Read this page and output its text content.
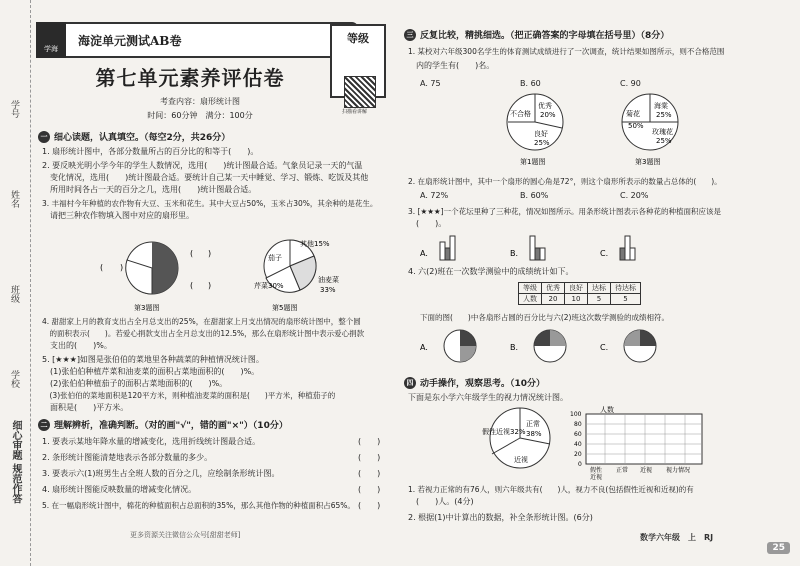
学号
姓名
班级
学校
细心审题 规范作答
学海
海淀单元测试AB卷	等级
第七单元素养评估卷
扫描看讲解
考查内容：扇形统计图
时间：60分钟　满分：100分
一 细心读题，认真填空。（每空2分，共26分）
1. 扇形统计图中，各部分数量所占的百分比的和等于(　　)。
2. 要反映光明小学今年的学生人数情况，选用(　　)统计图最合适。气象员记录一天的气温
　变化情况，选用(　　)统计图最合适。要统计自己某一天中睡觉、学习、锻炼、吃饭及其他
　所用时间各占一天的百分之几，选用(　　)统计图最合适。
3. 丰福村今年种植的农作物有大豆、玉米和花生。其中大豆占50%，玉米占30%，其余种的是花生。
　请把三种农作物填入图中对应的扇形里。
( )
( )
( )
第3题图
茄子
其他15%
芹菜30%
油麦菜
33%
第5题图
4. 甜甜家上月的教育支出占全月总支出的25%，在甜甜家上月支出情况的扇形统计图中，整个圆
　的面积表示(　　)。若爱心捐款支出占全月总支出的12.5%，那么在扇形统计图中表示爱心捐款
　支出的(　　)%。
5. [★★★]如图是张伯伯的菜地里各种蔬菜的种植情况统计图。
　(1)张伯伯种植芹菜和油麦菜的面积占菜地面积的(　　)%。
　(2)张伯伯种植茄子的面积占菜地面积的(　　)%。
　(3)张伯伯的菜地面积是120平方米，则种植油麦菜的面积是(　　)平方米，种植茄子的
　面积是(　　)平方米。
二 理解辨析，准确判断。（对的画"√"，错的画"×"）（10分）
1. 要表示某地年降水量的增减变化，选用折线统计图最合适。
2. 条形统计图能清楚地表示各部分数量的多少。
3. 要表示六(1)班男生占全班人数的百分之几，应绘制条形统计图。
4. 扇形统计图能反映数量的增减变化情况。
5. 在一幅扇形统计图中，棉花的种植面积占总面积的35%，那么其他作物的种植面积占65%。
(　　)
(　　)
(　　)
(　　)
(　　)
更多资源关注微信公众号[甜甜老师]
三 反复比较，精挑细选。（把正确答案的字母填在括号里）（8分）
1. 某校对六年级300名学生的体育测试成绩进行了一次调查，统计结果如图所示，则不合格范围
　内的学生有(　　)名。
A. 75	B. 60	C. 90
优秀
20%
不合格
良好
25%
第1题图
海棠
25%
菊花
50%
玫瑰花
25%
第3题图
2. 在扇形统计图中，其中一个扇形的圆心角是72°，则这个扇形所表示的数量占总体的(　　)。
A. 72%	B. 60%	C. 20%
3. [★★★]一个花坛里种了三种花，情况如图所示。用条形统计图表示各种花的种植面积应该是
　(　　)。
A.	B.	C.
4. 六(2)班在一次数学测验中的成绩统计如下。
等级	优秀	良好	达标	待达标
人数	20	10	5	5
下面的图(　　)中各扇形占圆的百分比与六(2)班这次数学测验的成绩相符。
A.	B.	C.
四 动手操作，观察思考。（10分）
下面是东小学六年级学生的视力情况统计图。
假性近视32%
正常
38%
近视
人数
100
80
60
40
20
0
假性 正常 近视 视力情况
近视
1. 若视力正常的有76人，则六年级共有(　　)人，视力不良(包括假性近视和近视)的有
　(　　)人。(4分)
2. 根据(1)中计算出的数据，补全条形统计图。(6分)
数学六年级　上　RJ
25
